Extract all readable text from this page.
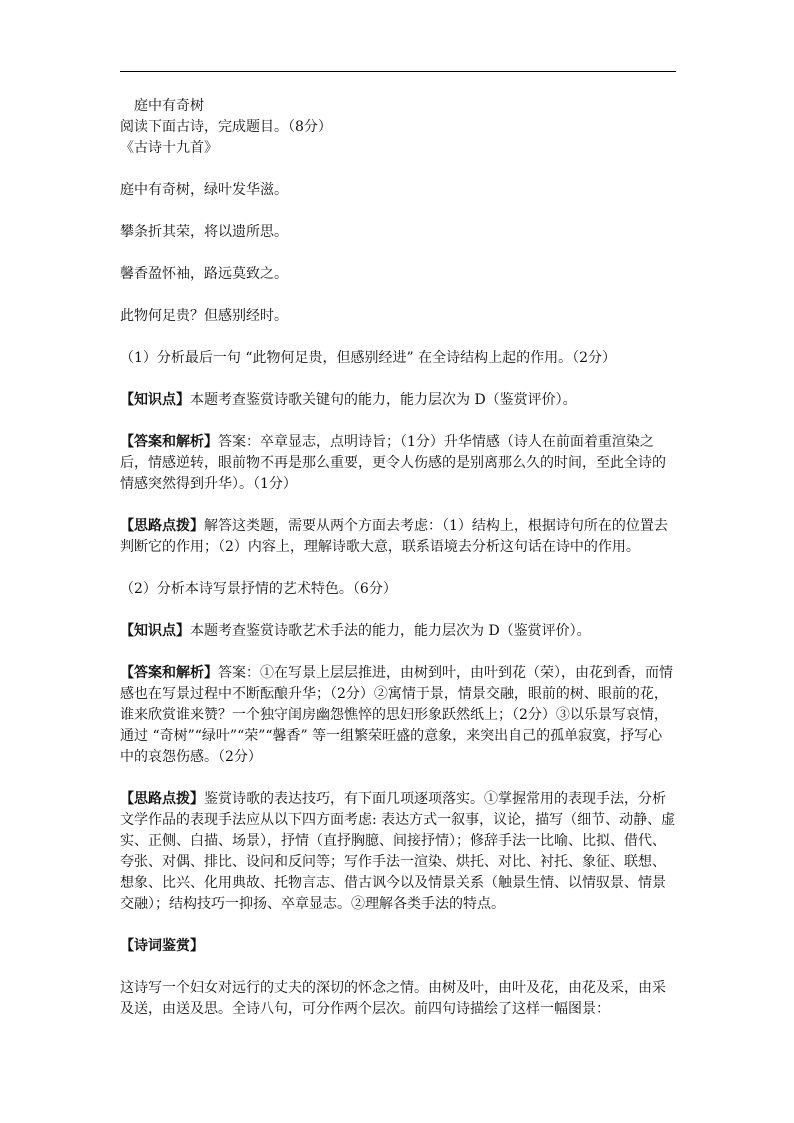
庭中有奇树

阅读下面古诗，完成题目。（8分）

《古诗十九首》

庭中有奇树，绿叶发华滋。

攀条折其荣，将以遗所思。

馨香盈怀袖，路远莫致之。

此物何足贵？但感别经时。

（1）分析最后一句 “此物何足贵，但感别经进” 在全诗结构上起的作用。（2分）

【知识点】本题考查鉴赏诗歌关键句的能力，能力层次为 D（鉴赏评价）。

【答案和解析】答案：卒章显志，点明诗旨；（1分）升华情感（诗人在前面着重渲染之后，情感逆转，眼前物不再是那么重要，更令人伤感的是别离那么久的时间，至此全诗的情感突然得到升华）。（1分）

【思路点拨】解答这类题，需要从两个方面去考虑：（1）结构上，根据诗句所在的位置去判断它的作用；（2）内容上，理解诗歌大意，联系语境去分析这句话在诗中的作用。

（2）分析本诗写景抒情的艺术特色。（6分）

【知识点】本题考查鉴赏诗歌艺术手法的能力，能力层次为 D（鉴赏评价）。

【答案和解析】答案：①在写景上层层推进，由树到叶，由叶到花（荣），由花到香，而情感也在写景过程中不断酝酿升华；（2分）②寓情于景，情景交融，眼前的树、眼前的花，谁来欣赏谁来赞？一个独守闺房幽怨憔悴的思妇形象跃然纸上；（2分）③以乐景写哀情，通过 “奇树”“绿叶”“荣”“馨香” 等一组繁荣旺盛的意象，来突出自己的孤单寂寞，抒写心中的哀怨伤感。（2分）

【思路点拨】鉴赏诗歌的表达技巧，有下面几项逐项落实。①掌握常用的表现手法，分析文学作品的表现手法应从以下四方面考虑: 表达方式一叙事，议论，描写（细节、动静、虚实、正侧、白描、场景），抒情（直抒胸臆、间接抒情）；修辞手法一比喻、比拟、借代、夸张、对偶、排比、设问和反问等；写作手法一渲染、烘托、对比、衬托、象征、联想、想象、比兴、化用典故、托物言志、借古讽今以及情景关系（触景生情、以情驭景、情景交融）；结构技巧一抑扬、卒章显志。②理解各类手法的特点。

【诗词鉴赏】

这诗写一个妇女对远行的丈夫的深切的怀念之情。由树及叶，由叶及花，由花及采，由采及送，由送及思。全诗八句，可分作两个层次。前四句诗描绘了这样一幅图景：
